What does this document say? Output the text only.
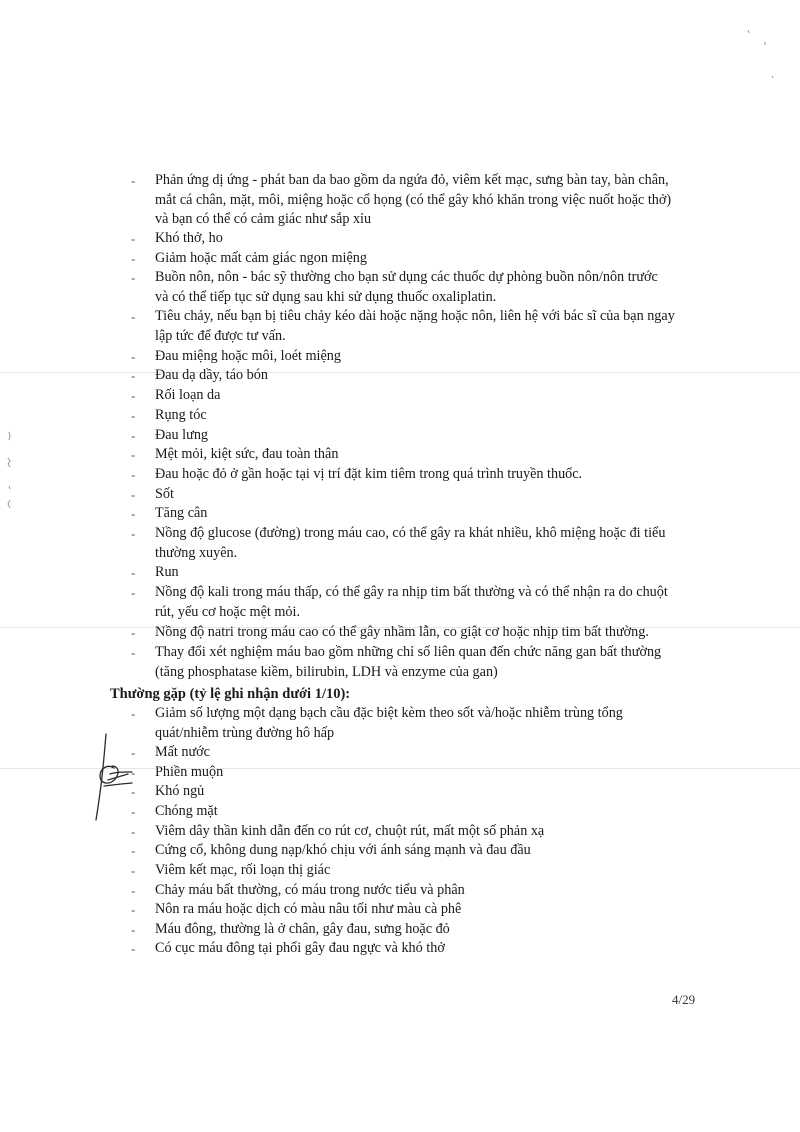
-	Phản ứng dị ứng - phát ban da bao gồm da ngứa đỏ, viêm kết mạc, sưng bàn tay, bàn chân,
mắt cá chân, mặt, môi, miệng hoặc cổ họng (có thể gây khó khăn trong việc nuốt hoặc thở)
và bạn có thể có cảm giác như sắp xỉu
-	Khó thở, ho
-	Giảm hoặc mất cảm giác ngon miệng
-	Buồn nôn, nôn - bác sỹ thường cho bạn sử dụng các thuốc dự phòng buồn nôn/nôn trước
và có thể tiếp tục sử dụng sau khi sử dụng thuốc oxaliplatin.
-	Tiêu chảy, nếu bạn bị tiêu chảy kéo dài hoặc nặng hoặc nôn, liên hệ với bác sĩ của bạn ngay
lập tức để được tư vấn.
-	Đau miệng hoặc môi, loét miệng
-	Đau dạ dầy, táo bón
-	Rối loạn da
-	Rụng tóc
-	Đau lưng
-	Mệt mỏi, kiệt sức, đau toàn thân
-	Đau hoặc đỏ ở gần hoặc tại vị trí đặt kim tiêm trong quá trình truyền thuốc.
-	Sốt
-	Tăng cân
-	Nồng độ glucose (đường) trong máu cao, có thể gây ra khát nhiều, khô miệng hoặc đi tiểu
thường xuyên.
-	Run
-	Nồng độ kali trong máu thấp, có thể gây ra nhịp tim bất thường và có thể nhận ra do chuột
rút, yếu cơ hoặc mệt mỏi.
-	Nồng độ natri trong máu cao có thể gây nhầm lẫn, co giật cơ hoặc nhịp tim bất thường.
-	Thay đổi xét nghiệm máu bao gồm những chỉ số liên quan đến chức năng gan bất thường
(tăng phosphatase kiềm, bilirubin, LDH và enzyme của gan)
Thường gặp (tỷ lệ ghi nhận dưới 1/10):
-	Giảm số lượng một dạng bạch cầu đặc biệt kèm theo sốt và/hoặc nhiễm trùng tổng
quát/nhiễm trùng đường hô hấp
-	Mất nước
-	Phiền muộn
-	Khó ngủ
-	Chóng mặt
-	Viêm dây thần kinh dẫn đến co rút cơ, chuột rút, mất một số phản xạ
-	Cứng cổ, không dung nạp/khó chịu với ánh sáng mạnh và đau đầu
-	Viêm kết mạc, rối loạn thị giác
-	Chảy máu bất thường, có máu trong nước tiểu và phân
-	Nôn ra máu hoặc dịch có màu nâu tối như màu cà phê
-	Máu đông, thường là ở chân, gây đau, sưng hoặc đỏ
-	Có cục máu đông tại phổi gây đau ngực và khó thở
4/29
